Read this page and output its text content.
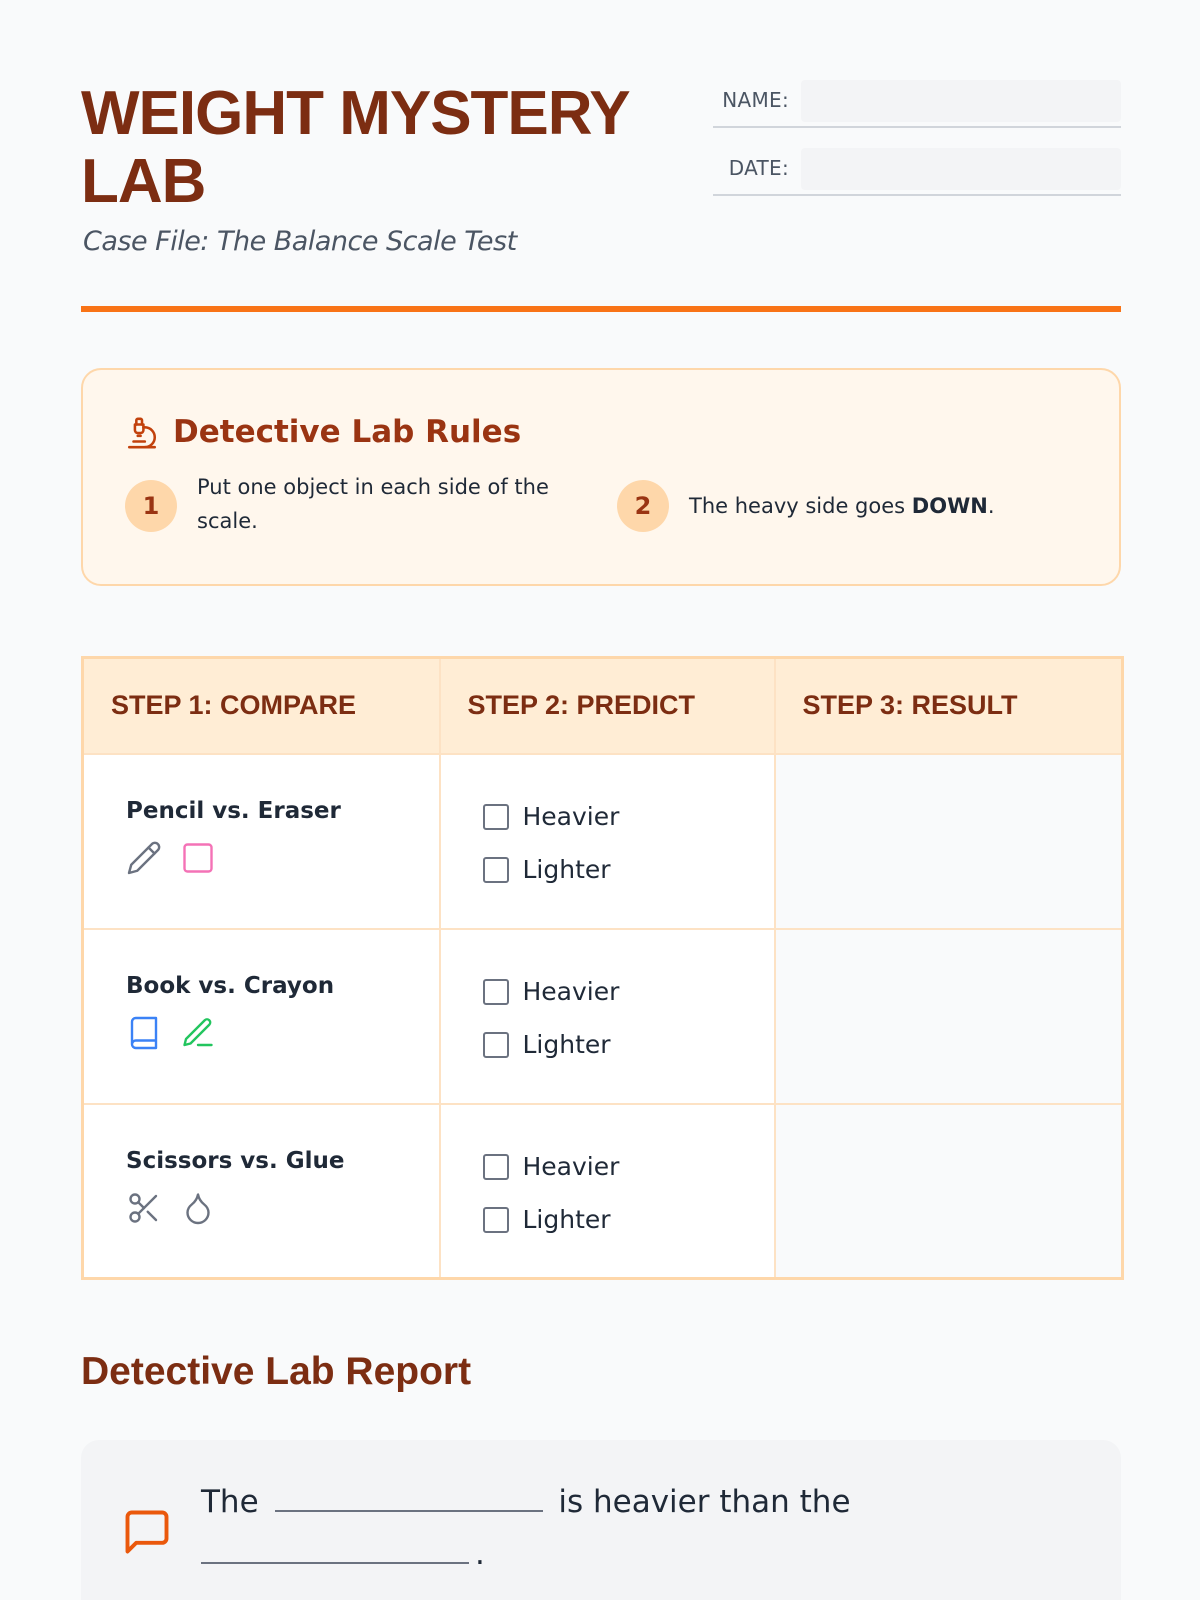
WEIGHT MYSTERY LAB
Case File: The Balance Scale Test
NAME:
DATE:
Detective Lab Rules
1
Put one object in each side of the scale.
2	The heavy side goes DOWN.
STEP 1: COMPARE	STEP 2: PREDICT	STEP 3: RESULT

Pencil vs. Eraser	Heavier
Lighter	

Book vs. Crayon	Heavier
Lighter	

Scissors vs. Glue	Heavier
Lighter	

Detective Lab Report
The	is heavier than the
.
